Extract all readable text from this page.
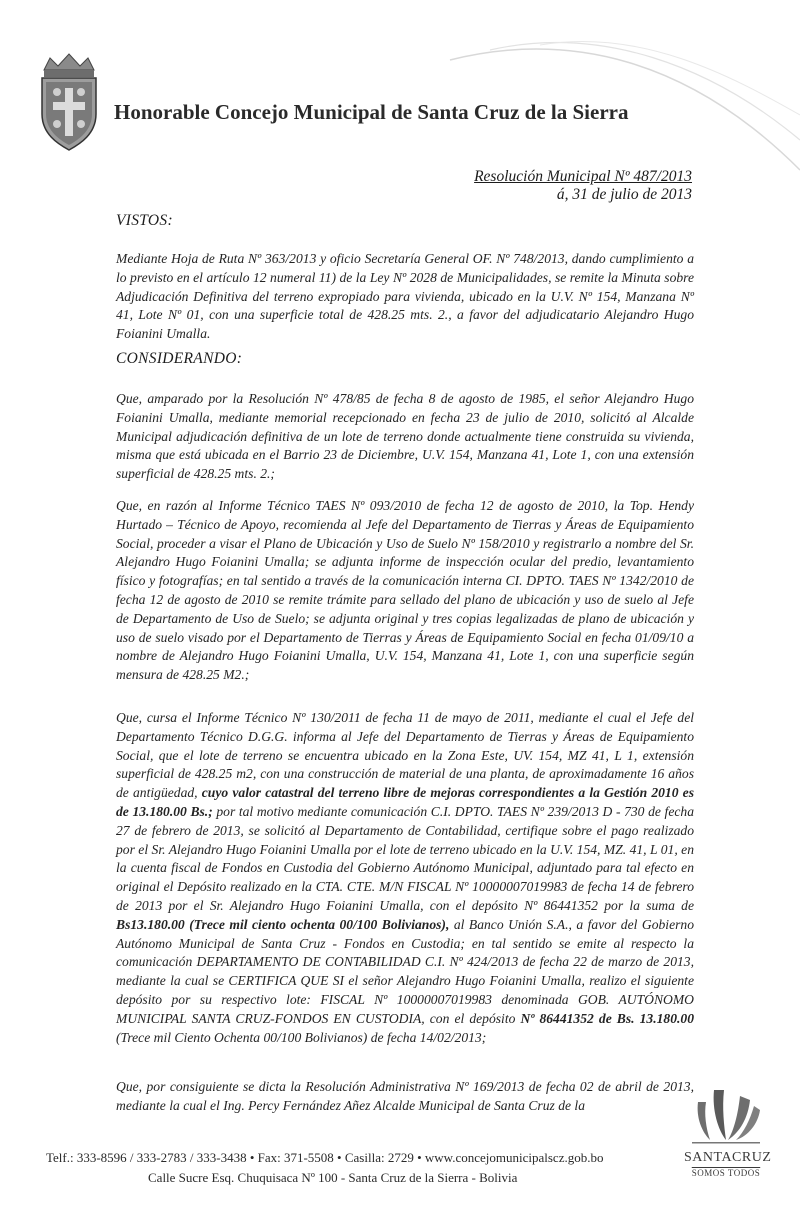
Honorable Concejo Municipal de Santa Cruz de la Sierra

Resolución Municipal Nº 487/2013

á, 31 de julio de 2013

VISTOS:

Mediante Hoja de Ruta Nº 363/2013 y oficio Secretaría General OF. Nº 748/2013, dando cumplimiento a lo previsto en el artículo 12 numeral 11) de la Ley Nº 2028 de Municipalidades, se remite la Minuta sobre Adjudicación Definitiva del terreno expropiado para vivienda, ubicado en la U.V. Nº 154, Manzana Nº 41, Lote Nº 01, con una superficie total de 428.25 mts. 2., a favor del adjudicatario Alejandro Hugo Foianini Umalla.

CONSIDERANDO:

Que, amparado por la Resolución Nº 478/85 de fecha 8 de agosto de 1985, el señor Alejandro Hugo Foianini Umalla, mediante memorial recepcionado en fecha 23 de julio de 2010, solicitó al Alcalde Municipal adjudicación definitiva de un lote de terreno donde actualmente tiene construida su vivienda, misma que está ubicada en el Barrio 23 de Diciembre, U.V. 154, Manzana 41, Lote 1, con una extensión superficial de 428.25 mts. 2.;

Que, en razón al Informe Técnico TAES Nº 093/2010 de fecha 12 de agosto de 2010, la Top. Hendy Hurtado – Técnico de Apoyo, recomienda al Jefe del Departamento de Tierras y Áreas de Equipamiento Social, proceder a visar el Plano de Ubicación y Uso de Suelo Nº 158/2010 y registrarlo a nombre del Sr. Alejandro Hugo Foianini Umalla; se adjunta informe de inspección ocular del predio, levantamiento físico y fotografías; en tal sentido a través de la comunicación interna CI. DPTO. TAES Nº 1342/2010 de fecha 12 de agosto de 2010 se remite trámite para sellado del plano de ubicación y uso de suelo al Jefe de Departamento de Uso de Suelo; se adjunta original y tres copias legalizadas de plano de ubicación y uso de suelo visado por el Departamento de Tierras y Áreas de Equipamiento Social en fecha 01/09/10 a nombre de Alejandro Hugo Foianini Umalla, U.V. 154, Manzana 41, Lote 1, con una superficie según mensura de 428.25 M2.;

Que, cursa el Informe Técnico Nº 130/2011 de fecha 11 de mayo de 2011, mediante el cual el Jefe del Departamento Técnico D.G.G. informa al Jefe del Departamento de Tierras y Áreas de Equipamiento Social, que el lote de terreno se encuentra ubicado en la Zona Este, UV. 154, MZ 41, L 1, extensión superficial de 428.25 m2, con una construcción de material de una planta, de aproximadamente 16 años de antigüedad, cuyo valor catastral del terreno libre de mejoras correspondientes a la Gestión 2010 es de 13.180.00 Bs.; por tal motivo mediante comunicación C.I. DPTO. TAES Nº 239/2013 D - 730 de fecha 27 de febrero de 2013, se solicitó al Departamento de Contabilidad, certifique sobre el pago realizado por el Sr. Alejandro Hugo Foianini Umalla por el lote de terreno ubicado en la U.V. 154, MZ. 41, L 01, en la cuenta fiscal de Fondos en Custodia del Gobierno Autónomo Municipal, adjuntado para tal efecto en original el Depósito realizado en la CTA. CTE. M/N FISCAL Nº 10000007019983 de fecha 14 de febrero de 2013 por el Sr. Alejandro Hugo Foianini Umalla, con el depósito Nº 86441352 por la suma de Bs13.180.00 (Trece mil ciento ochenta 00/100 Bolivianos), al Banco Unión S.A., a favor del Gobierno Autónomo Municipal de Santa Cruz - Fondos en Custodia; en tal sentido se emite al respecto la comunicación DEPARTAMENTO DE CONTABILIDAD C.I. Nº 424/2013 de fecha 22 de marzo de 2013, mediante la cual se CERTIFICA QUE SI el señor Alejandro Hugo Foianini Umalla, realizo el siguiente depósito por su respectivo lote: FISCAL Nº 10000007019983 denominada GOB. AUTÓNOMO MUNICIPAL SANTA CRUZ-FONDOS EN CUSTODIA, con el depósito Nº 86441352 de Bs. 13.180.00 (Trece mil Ciento Ochenta 00/100 Bolivianos) de fecha 14/02/2013;

Que, por consiguiente se dicta la Resolución Administrativa Nº 169/2013 de fecha 02 de abril de 2013, mediante la cual el Ing. Percy Fernández Añez Alcalde Municipal de Santa Cruz de la

Telf.: 333-8596 / 333-2783 / 333-3438 • Fax: 371-5508 • Casilla: 2729 • www.concejomunicipalscz.gob.bo

Calle Sucre Esq. Chuquisaca Nº 100 - Santa Cruz de la Sierra - Bolivia

SANTACRUZ

SOMOS TODOS
